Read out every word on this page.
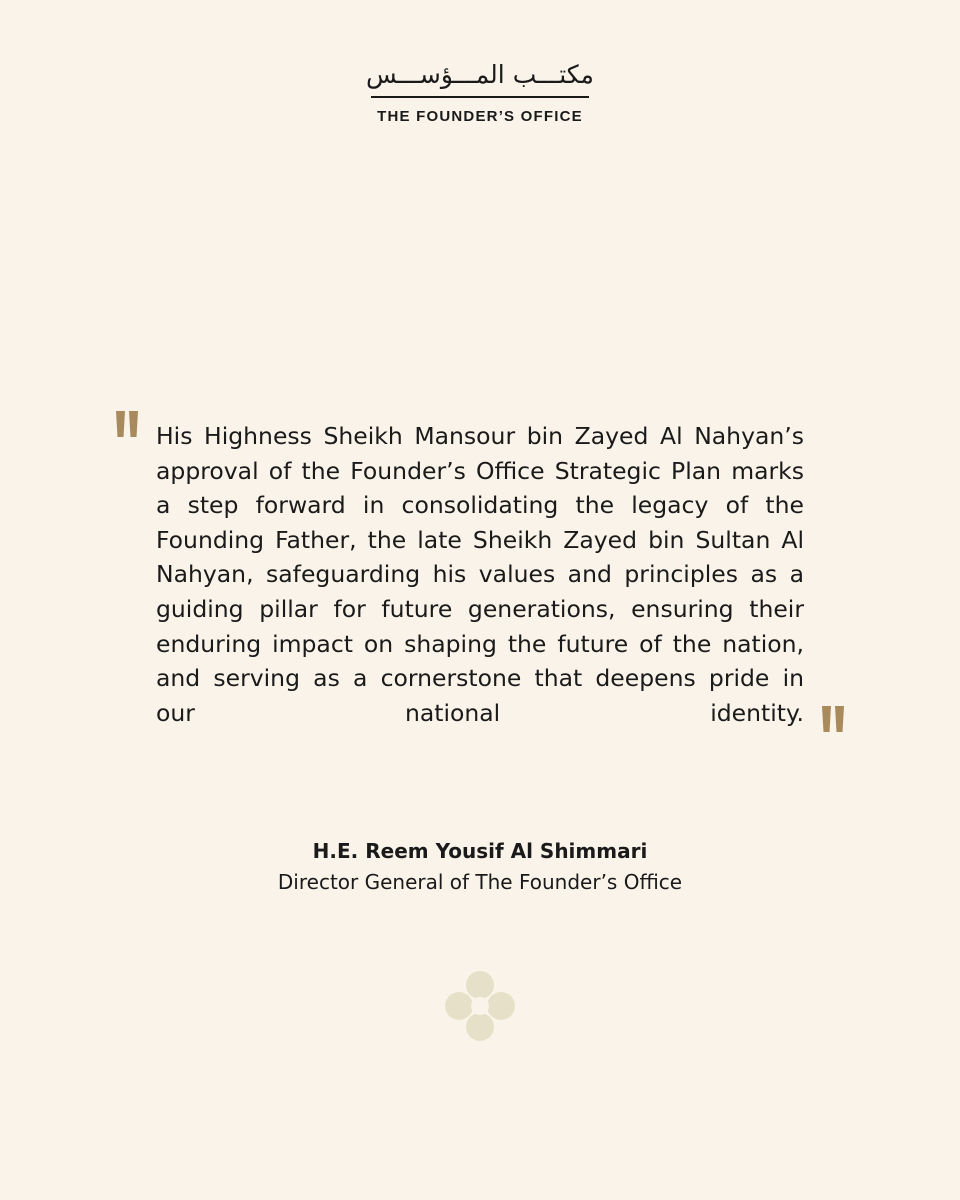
مكتـــب المـــؤســـس
THE FOUNDER’S OFFICE

His Highness Sheikh Mansour bin Zayed Al Nahyan’s approval of the Founder’s Office Strategic Plan marks a step forward in consolidating the legacy of the Founding Father, the late Sheikh Zayed bin Sultan Al Nahyan, safeguarding his values and principles as a guiding pillar for future generations, ensuring their enduring impact on shaping the future of the nation, and serving as a cornerstone that deepens pride in our national identity.

H.E. Reem Yousif Al Shimmari
Director General of The Founder’s Office
